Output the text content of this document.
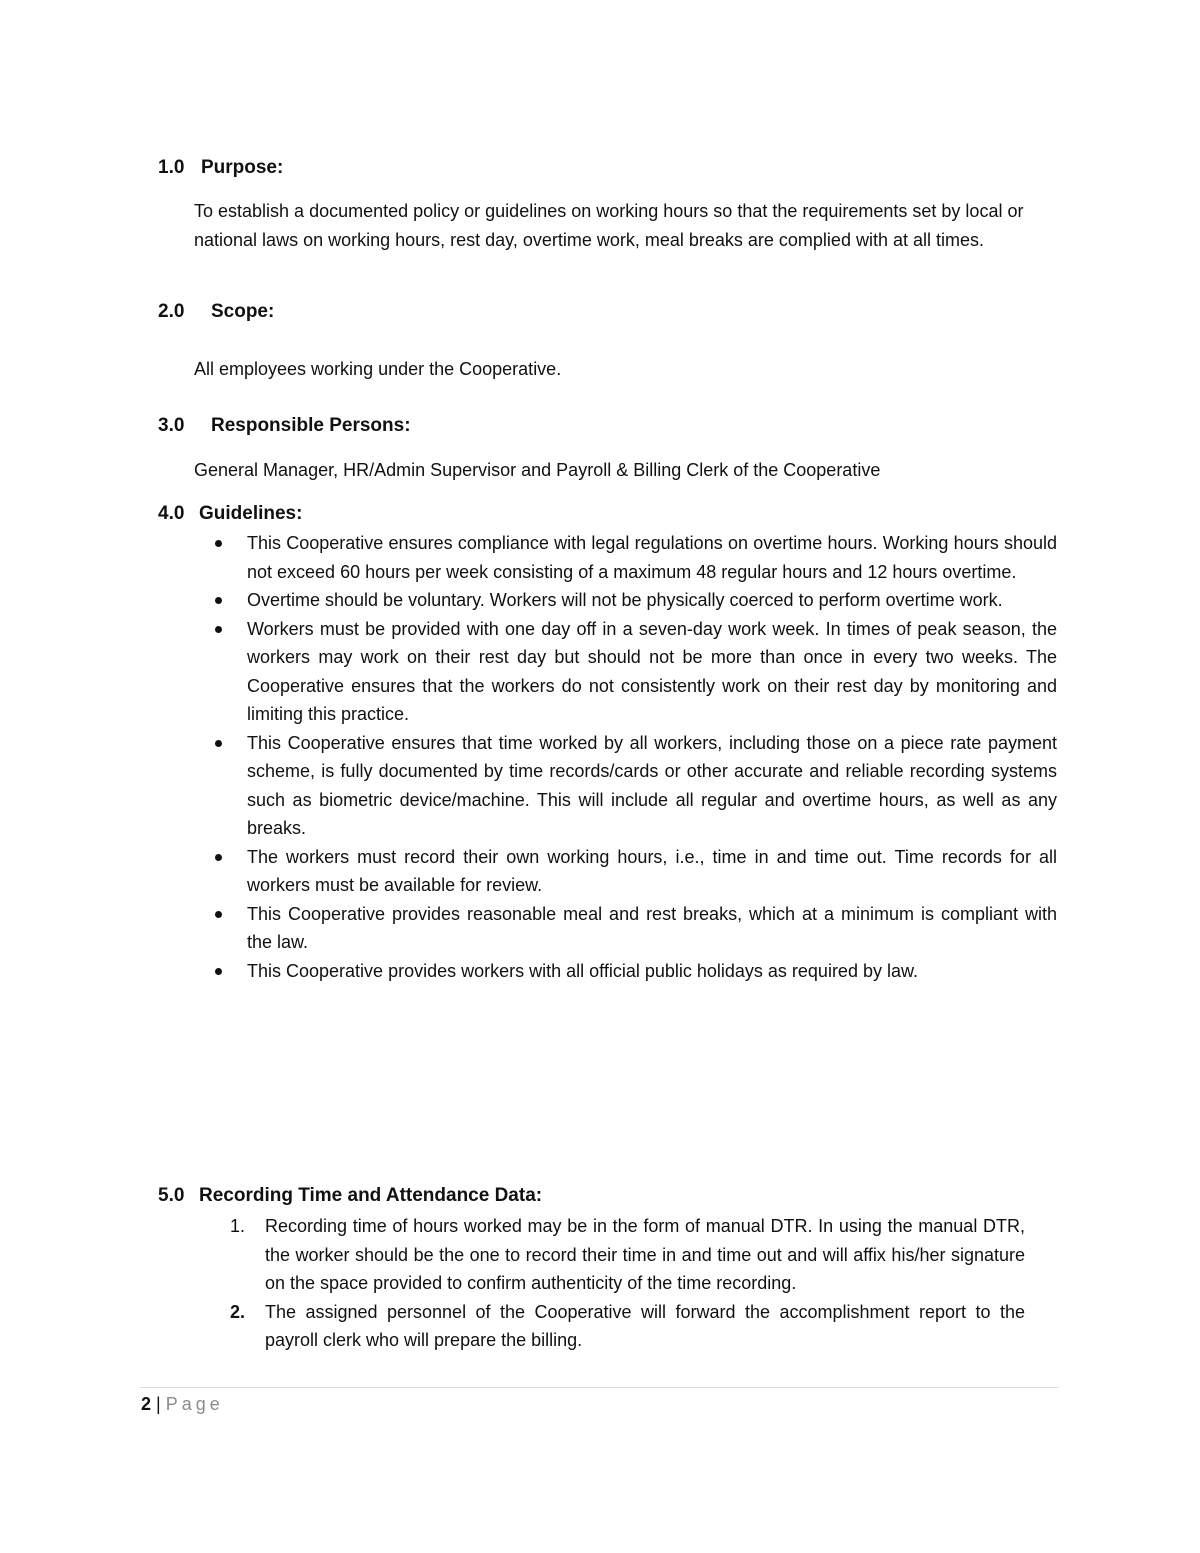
1.0 Purpose:
To establish a documented policy or guidelines on working hours so that the requirements set by local or national laws on working hours, rest day, overtime work, meal breaks are complied with at all times.
2.0 Scope:
All employees working under the Cooperative.
3.0 Responsible Persons:
General Manager, HR/Admin Supervisor and Payroll & Billing Clerk of the Cooperative
4.0 Guidelines:
This Cooperative ensures compliance with legal regulations on overtime hours. Working hours should not exceed 60 hours per week consisting of a maximum 48 regular hours and 12 hours overtime.
Overtime should be voluntary. Workers will not be physically coerced to perform overtime work.
Workers must be provided with one day off in a seven-day work week. In times of peak season, the workers may work on their rest day but should not be more than once in every two weeks. The Cooperative ensures that the workers do not consistently work on their rest day by monitoring and limiting this practice.
This Cooperative ensures that time worked by all workers, including those on a piece rate payment scheme, is fully documented by time records/cards or other accurate and reliable recording systems such as biometric device/machine. This will include all regular and overtime hours, as well as any breaks.
The workers must record their own working hours, i.e., time in and time out. Time records for all workers must be available for review.
This Cooperative provides reasonable meal and rest breaks, which at a minimum is compliant with the law.
This Cooperative provides workers with all official public holidays as required by law.
5.0 Recording Time and Attendance Data:
1. Recording time of hours worked may be in the form of manual DTR. In using the manual DTR, the worker should be the one to record their time in and time out and will affix his/her signature on the space provided to confirm authenticity of the time recording.
2. The assigned personnel of the Cooperative will forward the accomplishment report to the payroll clerk who will prepare the billing.
2 | Page
